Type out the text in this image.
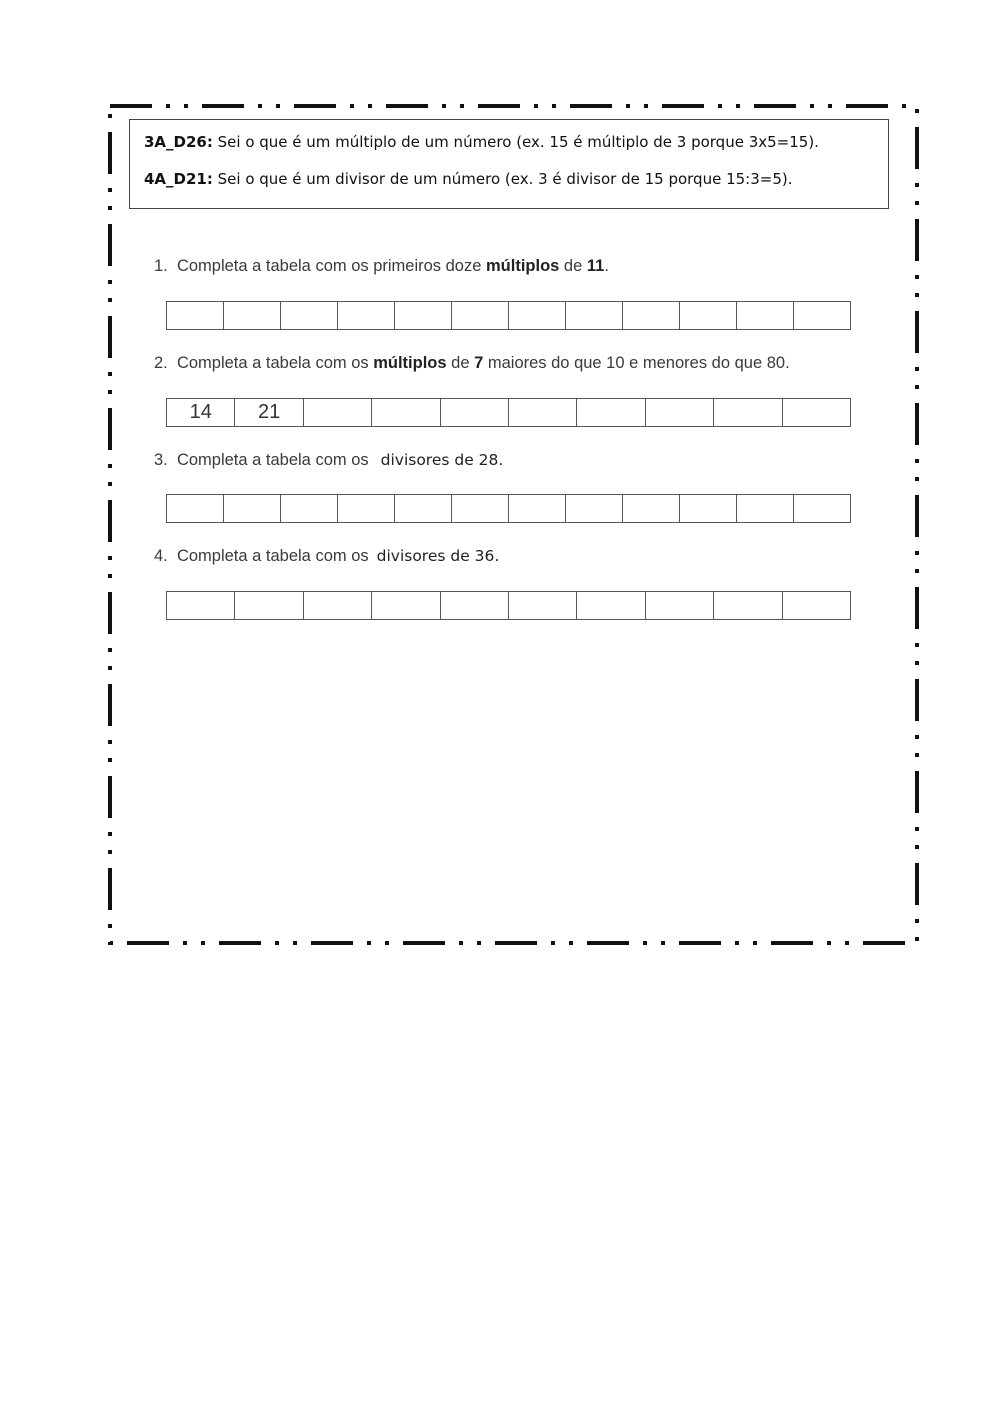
3A_D26: Sei o que é um múltiplo de um número (ex. 15 é múltiplo de 3 porque 3x5=15).
4A_D21: Sei o que é um divisor de um número (ex. 3 é divisor de 15 porque 15:3=5).
1. Completa a tabela com os primeiros doze múltiplos de 11.
2. Completa a tabela com os múltiplos de 7 maiores do que 10 e menores do que 80.
14	21
3. Completa a tabela com os divisores de 28.
4. Completa a tabela com os divisores de 36.
